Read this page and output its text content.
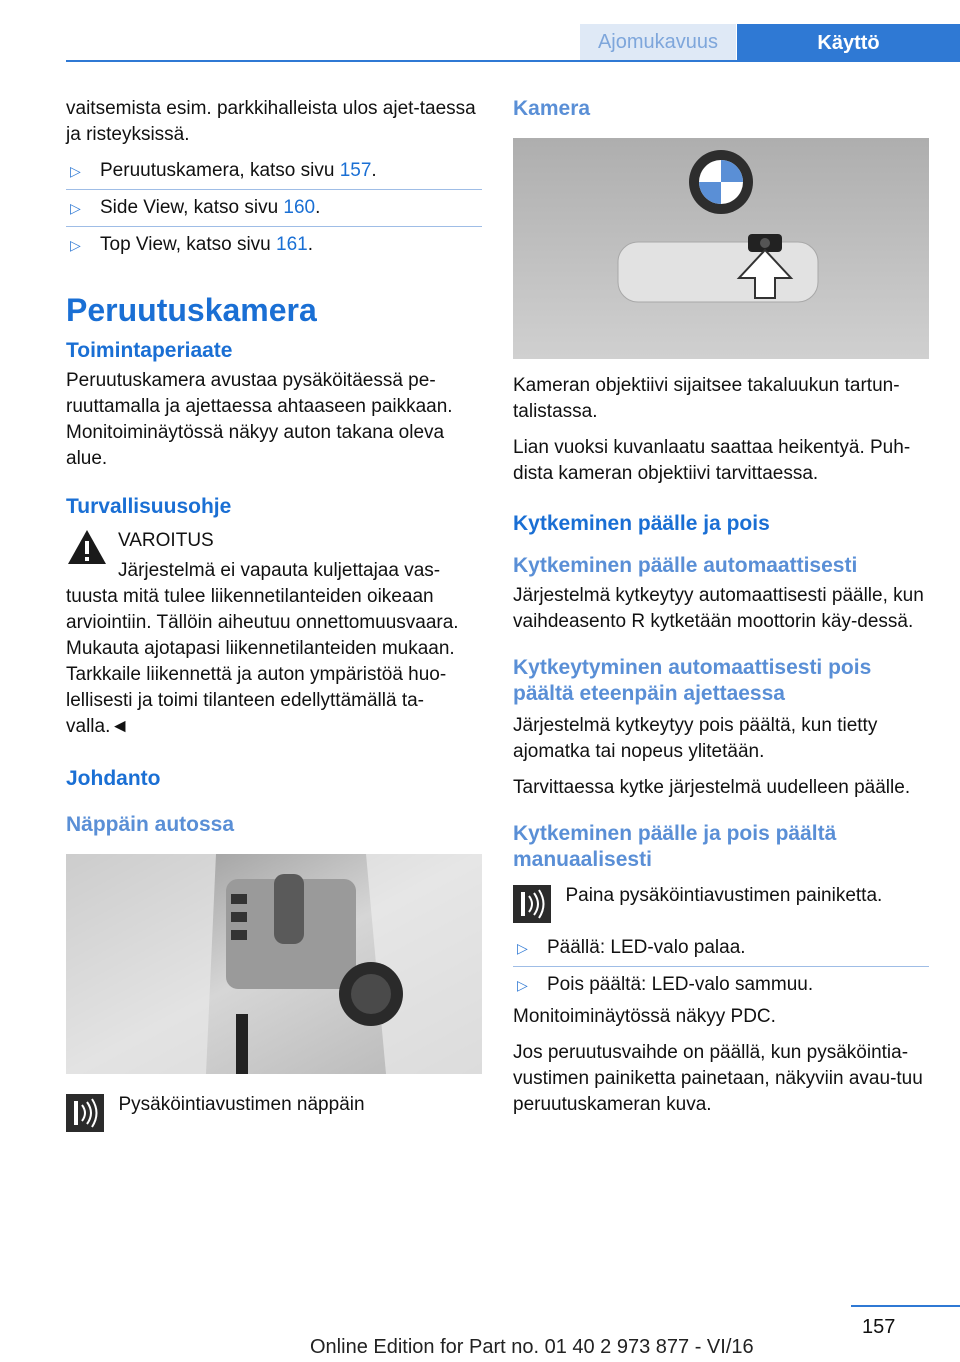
Ajomukavuus	Käyttö

vaitsemista esim. parkkihalleista ulos ajet-taessa ja risteyksissä.

▷ Peruutuskamera, katso sivu 157.
▷ Side View, katso sivu 160.
▷ Top View, katso sivu 161.
Peruutuskamera
Toimintaperiaate

Peruutuskamera avustaa pysäköitäessä pe-ruuttamalla ja ajettaessa ahtaaseen paikkaan. Monitoiminäytössä näkyy auton takana oleva alue.

Turvallisuusohje

VAROITUS

Järjestelmä ei vapauta kuljettajaa vas-tuusta mitä tulee liikennetilanteiden oikeaan arviointiin. Tällöin aiheutuu onnettomuusvaara. Mukauta ajotapasi liikennetilanteiden mukaan. Tarkkaile liikennettä ja auton ympäristöä huo-lellisesti ja toimi tilanteen edellyttämällä ta-valla.◄

Johdanto
Näppäin autossa
Pysäköintiavustimen näppäin
Kamera

Kameran objektiivi sijaitsee takaluukun tartun-talistassa.

Lian vuoksi kuvanlaatu saattaa heikentyä. Puh-dista kameran objektiivi tarvittaessa.

Kytkeminen päälle ja pois
Kytkeminen päälle automaattisesti

Järjestelmä kytkeytyy automaattisesti päälle, kun vaihdeasento R kytketään moottorin käy-dessä.

Kytkeytyminen automaattisesti pois päältä eteenpäin ajettaessa

Järjestelmä kytkeytyy pois päältä, kun tietty ajomatka tai nopeus ylitetään.

Tarvittaessa kytke järjestelmä uudelleen päälle.

Kytkeminen päälle ja pois päältä manuaalisesti
Paina pysäköintiavustimen painiketta.
▷ Päällä: LED-valo palaa.
▷ Pois päältä: LED-valo sammuu.

Monitoiminäytössä näkyy PDC.

Jos peruutusvaihde on päällä, kun pysäköintia-vustimen painiketta painetaan, näkyviin avau-tuu peruutuskameran kuva.

157
Online Edition for Part no. 01 40 2 973 877 - VI/16
